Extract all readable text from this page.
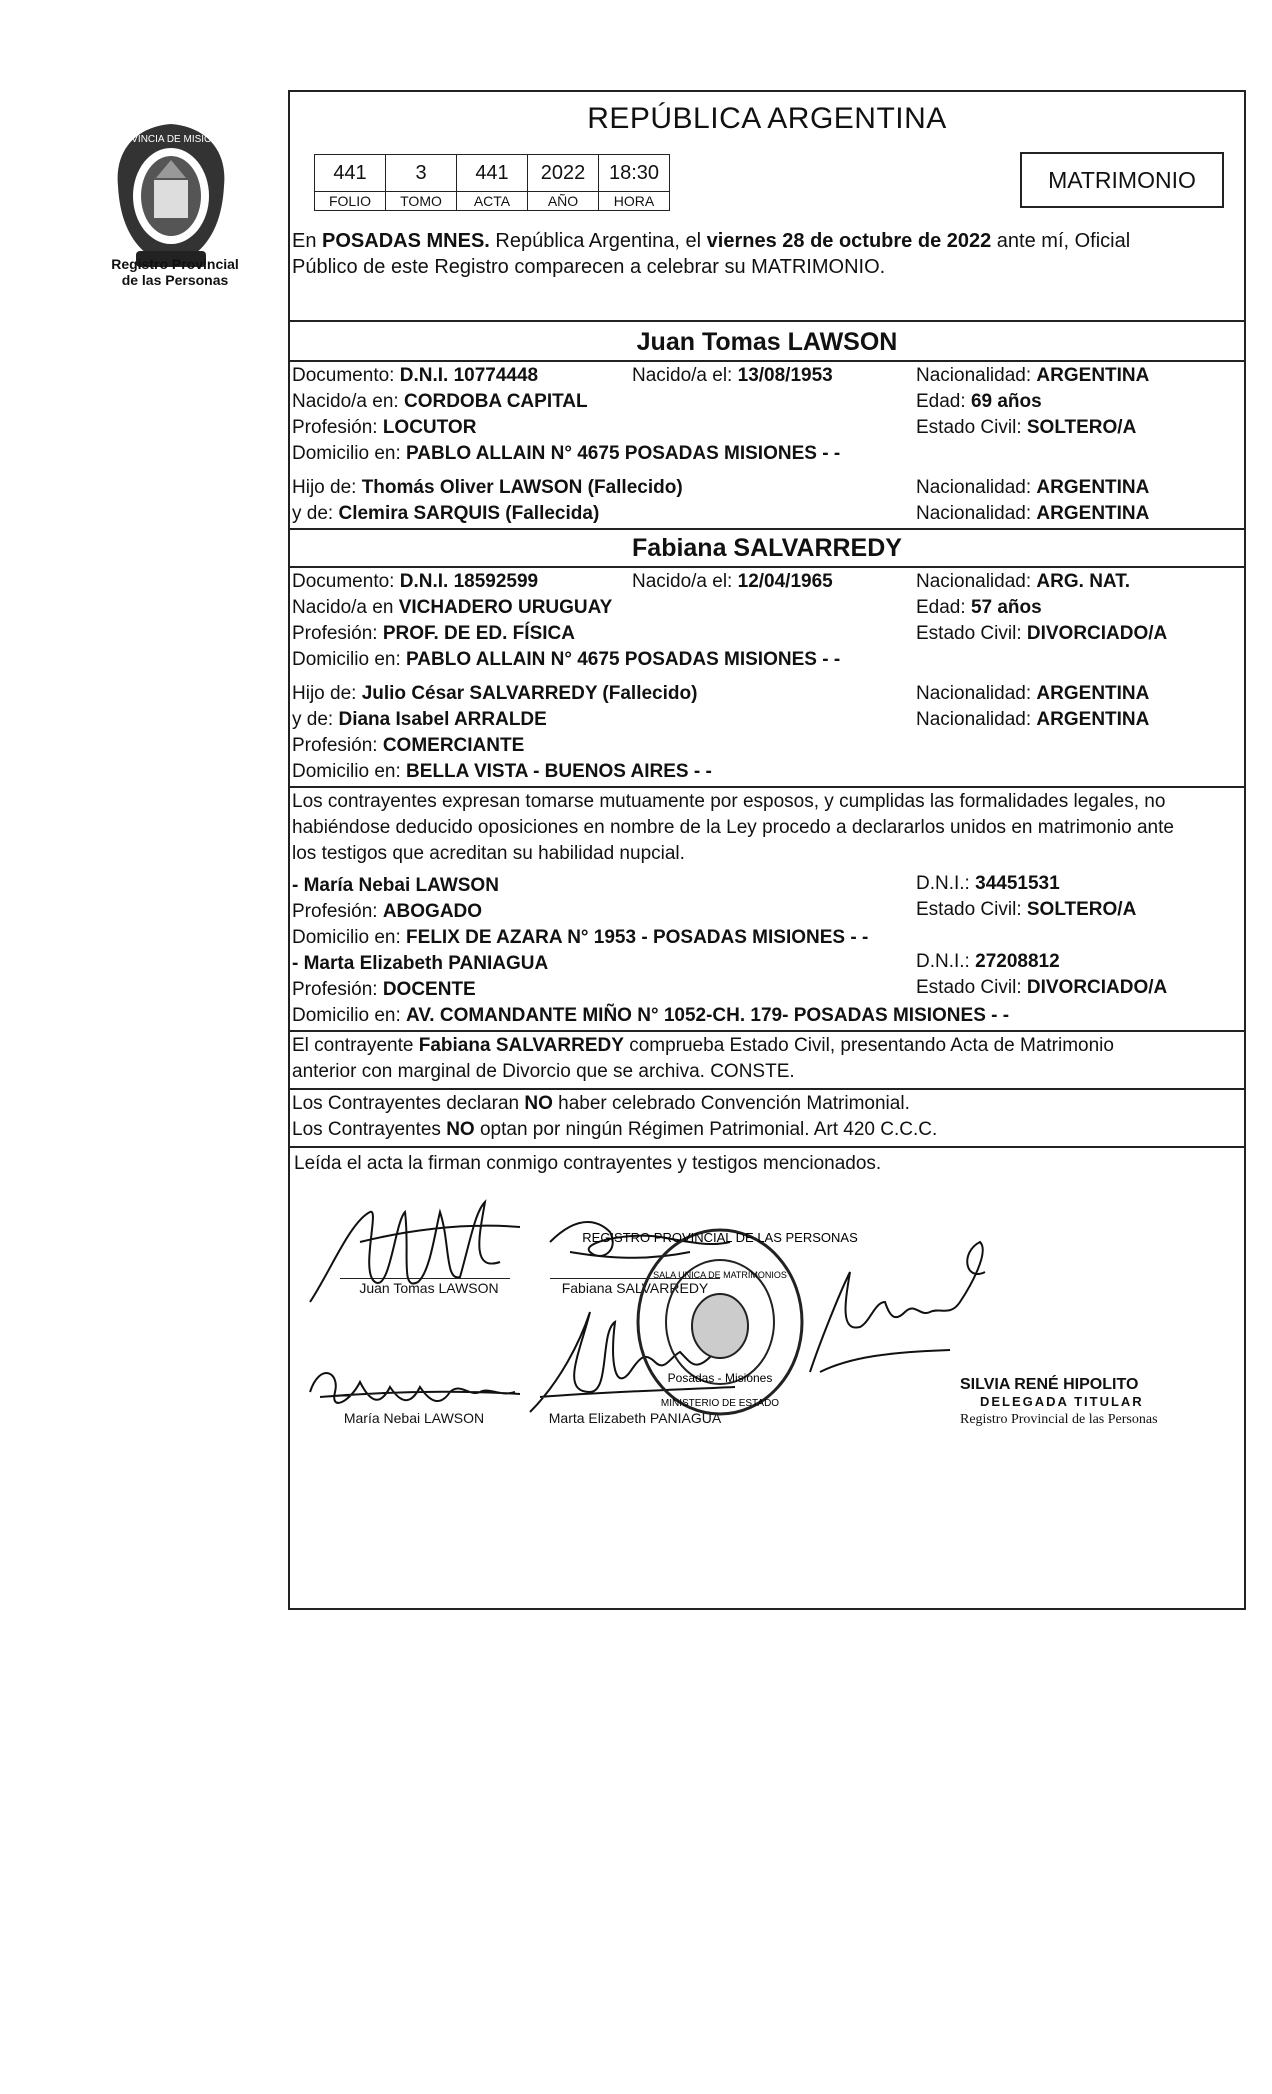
PROVINCIA DE MISIONES
Registro Provincial
de las Personas
REPÚBLICA ARGENTINA
441	3	441	2022	18:30
FOLIO	TOMO	ACTA	AÑO	HORA
MATRIMONIO
En POSADAS MNES. República Argentina, el viernes 28 de octubre de 2022 ante mí, Oficial
Público de este Registro comparecen a celebrar su MATRIMONIO.
Juan Tomas LAWSON
Documento: D.N.I. 10774448	Nacido/a el: 13/08/1953	Nacionalidad: ARGENTINA
Nacido/a en: CORDOBA CAPITAL	Edad: 69 años
Profesión: LOCUTOR	Estado Civil: SOLTERO/A
Domicilio en: PABLO ALLAIN N° 4675 POSADAS MISIONES - -
Hijo de: Thomás Oliver LAWSON (Fallecido)	Nacionalidad: ARGENTINA
y de: Clemira SARQUIS (Fallecida)	Nacionalidad: ARGENTINA
Fabiana SALVARREDY
Documento: D.N.I. 18592599	Nacido/a el: 12/04/1965	Nacionalidad: ARG. NAT.
Nacido/a en VICHADERO URUGUAY	Edad: 57 años
Profesión: PROF. DE ED. FÍSICA	Estado Civil: DIVORCIADO/A
Domicilio en: PABLO ALLAIN N° 4675 POSADAS MISIONES - -
Hijo de: Julio César SALVARREDY (Fallecido)	Nacionalidad: ARGENTINA
y de: Diana Isabel ARRALDE	Nacionalidad: ARGENTINA
Profesión: COMERCIANTE
Domicilio en: BELLA VISTA - BUENOS AIRES - -
Los contrayentes expresan tomarse mutuamente por esposos, y cumplidas las formalidades legales, no
habiéndose deducido oposiciones en nombre de la Ley procedo a declararlos unidos en matrimonio ante
los testigos que acreditan su habilidad nupcial.
- María Nebai LAWSON	D.N.I.: 34451531
Profesión: ABOGADO	Estado Civil: SOLTERO/A
Domicilio en: FELIX DE AZARA N° 1953 - POSADAS MISIONES - -
- Marta Elizabeth PANIAGUA	D.N.I.: 27208812
Profesión: DOCENTE	Estado Civil: DIVORCIADO/A
Domicilio en: AV. COMANDANTE MIÑO N° 1052-CH. 179- POSADAS MISIONES - -
El contrayente Fabiana SALVARREDY comprueba Estado Civil, presentando Acta de Matrimonio
anterior con marginal de Divorcio que se archiva. CONSTE.
Los Contrayentes declaran NO haber celebrado Convención Matrimonial.
Los Contrayentes NO optan por ningún Régimen Patrimonial. Art 420 C.C.C.
Leída el acta la firman conmigo contrayentes y testigos mencionados.
Juan Tomas LAWSON	Fabiana SALVARREDY
María Nebai LAWSON	Marta Elizabeth PANIAGUA
REGISTRO PROVINCIAL DE LAS PERSONAS
SALA UNICA DE MATRIMONIOS
Posadas - Misiones
MINISTERIO DE ESTADO
SILVIA RENÉ HIPOLITO
DELEGADA TITULAR
Registro Provincial de las Personas
